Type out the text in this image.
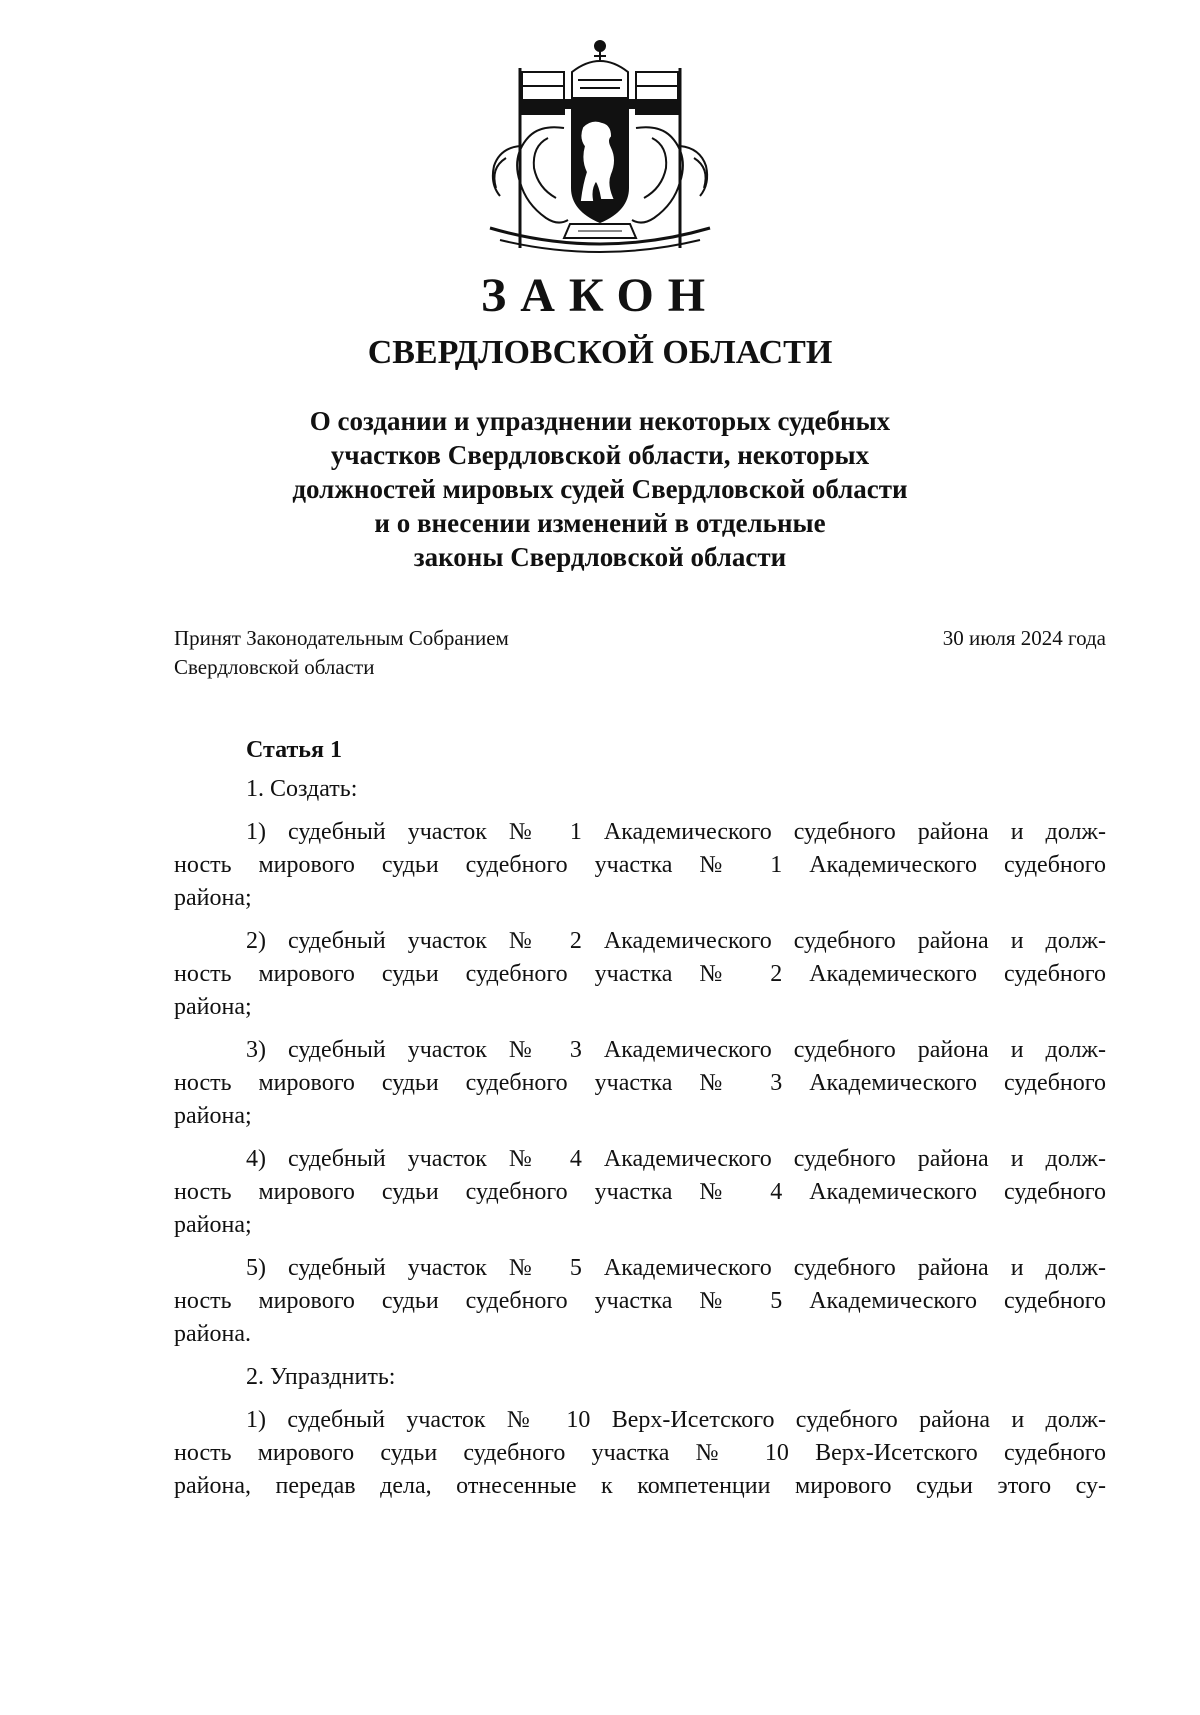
ЗАКОН
СВЕРДЛОВСКОЙ ОБЛАСТИ
О создании и упразднении некоторых судебных
участков Свердловской области, некоторых
должностей мировых судей Свердловской области
и о внесении изменений в отдельные
законы Свердловской области
Принят Законодательным Собранием
Свердловской области
30 июля 2024 года
Статья 1

1. Создать:

1) судебный участок № 1 Академического судебного района и долж-
ность мирового судьи судебного участка № 1 Академического судебного
района;

2) судебный участок № 2 Академического судебного района и долж-
ность мирового судьи судебного участка № 2 Академического судебного
района;

3) судебный участок № 3 Академического судебного района и долж-
ность мирового судьи судебного участка № 3 Академического судебного
района;

4) судебный участок № 4 Академического судебного района и долж-
ность мирового судьи судебного участка № 4 Академического судебного
района;

5) судебный участок № 5 Академического судебного района и долж-
ность мирового судьи судебного участка № 5 Академического судебного
района.

2. Упразднить:

1) судебный участок № 10 Верх-Исетского судебного района и долж-
ность мирового судьи судебного участка № 10 Верх-Исетского судебного
района, передав дела, отнесенные к компетенции мирового судьи этого су-
